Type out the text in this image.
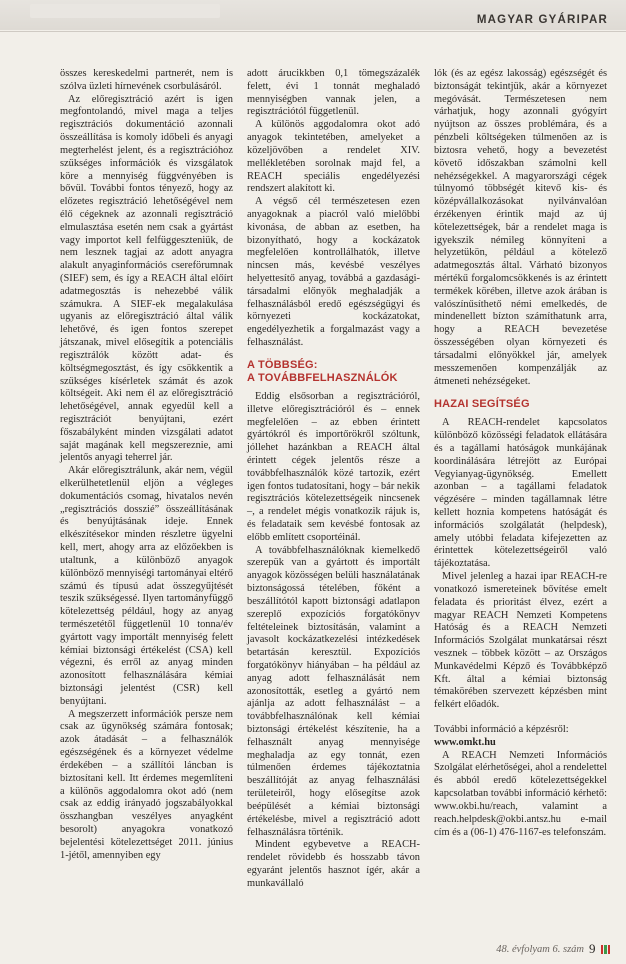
MAGYAR GYÁRIPAR

összes kereskedelmi partnerét, nem is szólva üzleti hírnevének csorbulásáról.

Az előregisztráció azért is igen megfontolandó, mivel maga a teljes regisztrációs dokumentáció azonnali összeállítása is komoly időbeli és anyagi megterhelést jelent, és a regisztrációhoz szükséges információk és vizsgálatok köre a mennyiség függvényében is bővül. További fontos tényező, hogy az előzetes regisztráció lehetőségével nem élő cégeknek az azonnali regisztráció elmulasztása esetén nem csak a gyártást vagy importot kell felfüggeszteniük, de nem lesznek tagjai az adott anyagra alakult anyaginformációs csereförumnak (SIEF) sem, és így a REACH által előírt adatmegosztás is nehezebbé válik számukra. A SIEF-ek megalakulása ugyanis az előregisztráció által válik lehetővé, és igen fontos szerepet játszanak, mivel elősegítik a potenciális regisztrálók között adat- és költségmegosztást, és így csökkentik a szükséges kísérletek számát és azok költségeit. Aki nem él az előregisztráció lehetőségével, annak egyedül kell a regisztrációt benyújtani, ezért főszabályként minden vizsgálati adatot saját magának kell megszereznie, ami jelentős anyagi teherrel jár.

Akár előregisztrálunk, akár nem, végül elkerülhetetlenül eljön a végleges dokumentációs csomag, hivatalos nevén „regisztrációs dosszié” összeállításának és benyújtásának ideje. Ennek elkészítésekor minden részletre ügyelni kell, mert, ahogy arra az előzőekben is utaltunk, a különböző anyagok különböző mennyiségi tartományai eltérő számú és típusú adat összegyűjtését teszik szükségessé. Ilyen tartományfüggő kötelezettség például, hogy az anyag természetétől függetlenül 10 tonna/év gyártott vagy importált mennyiség felett kémiai biztonsági értékelést (CSA) kell végezni, és erről az anyag minden azonosított felhasználására kémiai biztonsági jelentést (CSR) kell benyújtani.

A megszerzett információk persze nem csak az ügynökség számára fontosak; azok átadását – a felhasználók egészségének és a környezet védelme érdekében – a szállítói láncban is biztosítani kell. Itt érdemes megemlíteni a különös aggodalomra okot adó (nem csak az eddig irányadó jogszabályokkal összhangban veszélyes anyagként besorolt) anyagokra vonatkozó bejelentési kötelezettséget 2011. június 1-jétől, amennyiben egy

adott árucikkben 0,1 tömegszázalék felett, évi 1 tonnát meghaladó mennyiségben vannak jelen, a regisztrációtól függetlenül.

A különös aggodalomra okot adó anyagok tekintetében, amelyeket a közeljövőben a rendelet XIV. mellékletében sorolnak majd fel, a REACH speciális engedélyezési rendszert alakított ki.

A végső cél természetesen ezen anyagoknak a piacról való mielőbbi kivonása, de abban az esetben, ha bizonyítható, hogy a kockázatok megfelelően kontrollálhatók, illetve nincsen más, kevésbé veszélyes helyettesítő anyag, továbbá a gazdasági-társadalmi előnyök meghaladják a felhasználásból eredő egészségügyi és környezeti kockázatokat, engedélyezhetik a forgalmazást vagy a felhasználást.

A TÖBBSÉG:
A TOVÁBBFELHASZNÁLÓK

Eddig elsősorban a regisztrációról, illetve előregisztrációról és – ennek megfelelően – az ebben érintett gyártókról és importőrökről szóltunk, jóllehet hazánkban a REACH által érintett cégek jelentős része a továbbfelhasználók közé tartozik, ezért igen fontos tudatosítani, hogy – bár nekik regisztrációs kötelezettségeik nincsenek –, a rendelet mégis vonatkozik rájuk is, és feladataik sem kevésbé fontosak az előbb említett csoportéinál.

A továbbfelhasználóknak kiemelkedő szerepük van a gyártott és importált anyagok közösségen belüli használatának biztonságossá tételében, főként a beszállítótól kapott biztonsági adatlapon szereplő expozíciós forgatókönyv feltételeinek biztosításán, valamint a javasolt kockázatkezelési intézkedések betartásán keresztül. Expozíciós forgatókönyv hiányában – ha például az anyag adott felhasználását nem azonosították, esetleg a gyártó nem ajánlja az adott felhasználást – a továbbfelhasználónak kell kémiai biztonsági értékelést készítenie, ha a felhasznált anyag mennyisége meghaladja az egy tonnát, ezen túlmenően érdemes tájékoztatnia beszállítóját az anyag felhasználási területeiről, hogy elősegítse azok beépülését a kémiai biztonsági értékelésbe, mivel a regisztráció adott felhasználásra történik.

Mindent egybevetve a REACH-rendelet rövidebb és hosszabb távon egyaránt jelentős hasznot ígér, akár a munkavállaló

lók (és az egész lakosság) egészségét és biztonságát tekintjük, akár a környezet megóvását. Természetesen nem várhatjuk, hogy azonnali gyógyírt nyújtson az összes problémára, és a pénzbeli költségeken túlmenően az is biztosra vehető, hogy a bevezetést követő időszakban számolni kell nehézségekkel. A magyarországi cégek túlnyomó többségét kitevő kis- és középvállalkozásokat nyilvánvalóan érzékenyen érintik majd az új kötelezettségek, bár a rendelet maga is igyekszik némileg könnyíteni a helyzetükön, például a kötelező adatmegosztás által. Várható bizonyos mértékű forgalomcsökkenés is az érintett termékek körében, illetve azok árában is valószínűsíthető némi emelkedés, de mindenellett bízton számíthatunk arra, hogy a REACH bevezetése összességében olyan környezeti és társadalmi előnyökkel jár, amelyek messzemenően kompenzálják az átmeneti nehézségeket.

HAZAI SEGÍTSÉG

A REACH-rendelet kapcsolatos különböző közösségi feladatok ellátására és a tagállami hatóságok munkájának koordinálására létrejött az Európai Vegyianyag-ügynökség. Emellett azonban – a tagállami feladatok végzésére – minden tagállamnak létre kellett hoznia kompetens hatóságát és információs szolgálatát (helpdesk), amely utóbbi feladata kifejezetten az érintettek kötelezettségeiről való tájékoztatása.

Mivel jelenleg a hazai ipar REACH-re vonatkozó ismereteinek bővítése emelt feladata és prioritást élvez, ezért a magyar REACH Nemzeti Kompetens Hatóság és a REACH Nemzeti Információs Szolgálat munkatársai részt vesznek – többek között – az Országos Munkavédelmi Képző és Továbbképző Kft. által a kémiai biztonság témakörében szervezett képzésben mint felkért előadók.

További információ a képzésről:

www.omkt.hu

A REACH Nemzeti Információs Szolgálat elérhetőségei, ahol a rendelettel és abból eredő kötelezettségekkel kapcsolatban további információ kérhető: www.okbi.hu/reach, valamint a reach.helpdesk@okbi.antsz.hu e-mail cím és a (06-1) 476-1167-es telefonszám.

48. évfolyam 6. szám 9
